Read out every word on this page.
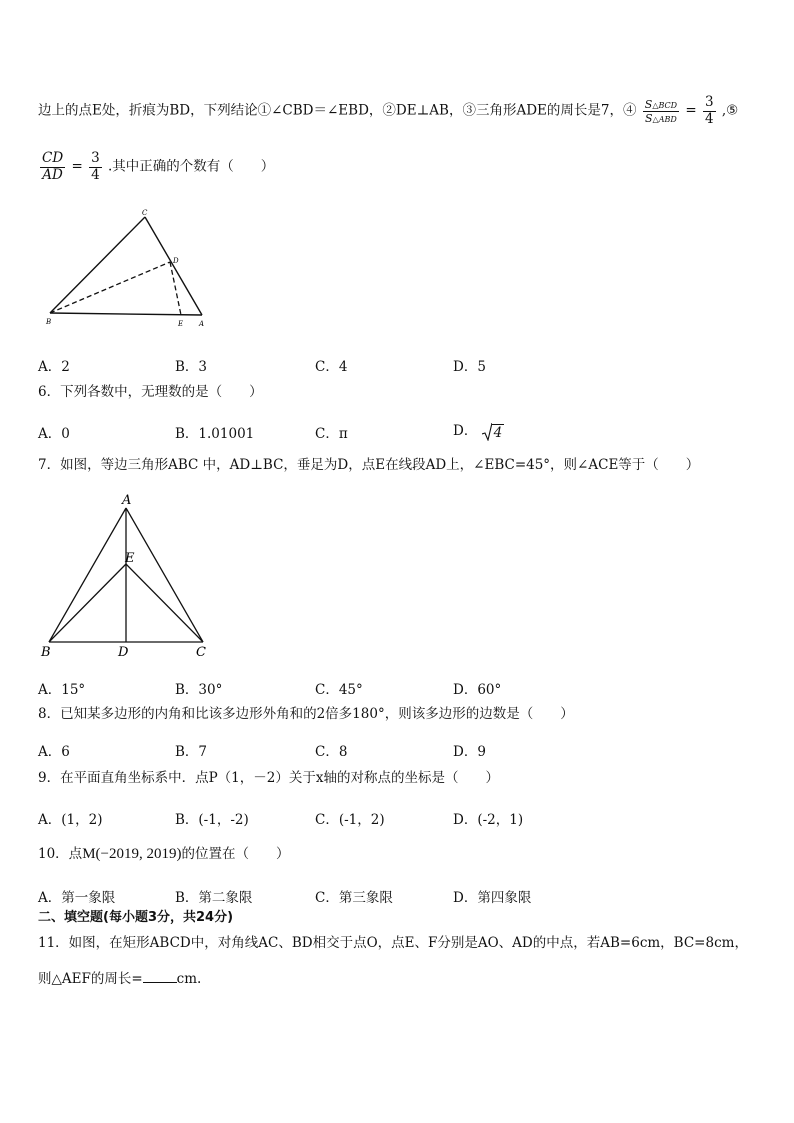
边上的点E处，折痕为BD，下列结论①∠CBD＝∠EBD，②DE⊥AB，③三角形ADE的周长是7，④ $\frac{\text{S△BCD}}{\text{S△ABD}} = \frac{3}{4}$ ,⑤
$\frac{CD}{AD} = \frac{3}{4}$ .其中正确的个数有（　　）
C
D
B	E A
A．2	B．3	C．4	D．5
6．下列各数中，无理数的是（　　）
A．0	B．1.01001	C．π	D． 4
7．如图，等边三角形ABC 中，AD⊥BC，垂足为D，点E在线段AD上，∠EBC=45°，则∠ACE等于（　　）
A
E
B	D	C
A．15°	B．30°	C．45°	D．60°
8．已知某多边形的内角和比该多边形外角和的2倍多180°，则该多边形的边数是（　　）
A．6	B．7	C．8	D．9
9．在平面直角坐标系中．点P（1，－2）关于x轴的对称点的坐标是（　　）
A．(1，2)	B．(-1，-2)	C．(-1，2)	D．(-2，1)
10．点M(−2019, 2019)的位置在（　　）
A．第一象限	B．第二象限	C．第三象限	D．第四象限
二、填空题(每小题3分，共24分)
11．如图，在矩形ABCD中，对角线AC、BD相交于点O，点E、F分别是AO、AD的中点，若AB=6cm，BC=8cm，
则△AEF的周长=	cm.
